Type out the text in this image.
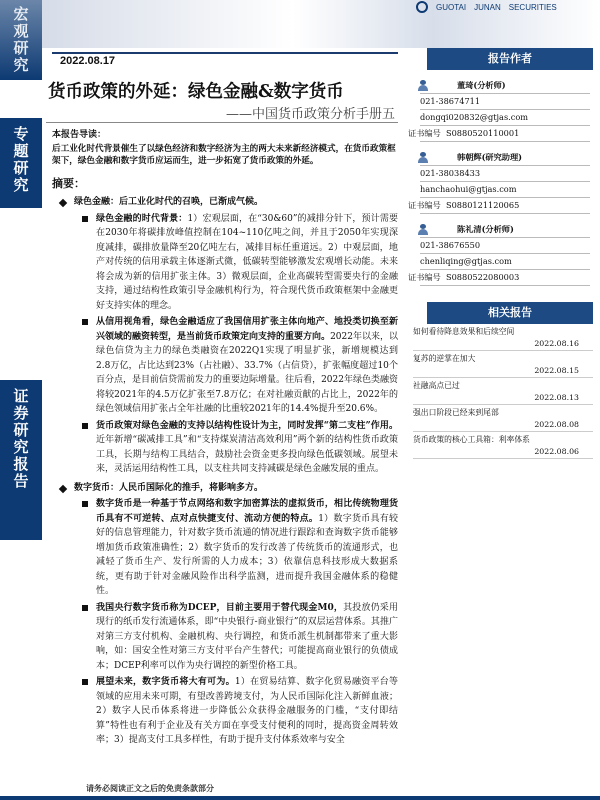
宏观研究
专题研究
证券研究报告
GUOTAI JUNAN SECURITIES
2022.08.17
货币政策的外延：绿色金融&数字货币
——中国货币政策分析手册五
本报告导读：
后工业化时代背景催生了以绿色经济和数字经济为主的两大未来新经济模式，在货币政策框架下，绿色金融和数字货币应运而生，进一步拓宽了货币政策的外延。
摘要：
绿色金融：后工业化时代的召唤，已渐成气候。
绿色金融的时代背景：1）宏观层面，在“30&60”的减排分针下，预计需要在2030年将碳排放峰值控制在104~110亿吨之间，并且于2050年实现深度减排，碳排放量降至20亿吨左右，减排目标任重道远。2）中观层面，地产对传统的信用承载主体逐渐式微，低碳转型能够激发宏观增长动能。未来将会成为新的信用扩张主体。3）微观层面，企业高碳转型需要央行的金融支持，通过结构性政策引导金融机构行为，符合现代货币政策框架中金融更好支持实体的理念。
从信用视角看，绿色金融适应了我国信用扩张主体向地产、地投类切换至新兴领域的融资转型，是当前货币政策定向支持的重要方向。2022年以来，以绿色信贷为主力的绿色类融资在2022Q1实现了明显扩张，新增规模达到2.8万亿，占比达到23%（占社融）、33.7%（占信贷），扩张幅度超过10个百分点，是目前信贷需前发力的重要边际增量。往后看，2022年绿色类融资将较2021年的4.5万亿扩张至7.8万亿；在对社融贡献的占比上，2022年的绿色领域信用扩张占全年社融的比重较2021年的14.4%提升至20.6%。
货币政策对绿色金融的支持以结构性设计为主，同时发挥“第二支柱”作用。近年新增“碳减排工具”和“支持煤炭清洁高效利用”两个新的结构性货币政策工具，长期与结构工具结合，鼓励社会资金更多投向绿色低碳领域。展望未来，灵活运用结构性工具，以支柱共同支持减碳是绿色金融发展的重点。
数字货币：人民币国际化的推手，将影响多方。
数字货币是一种基于节点网络和数字加密算法的虚拟货币，相比传统物理货币具有不可逆转、点对点快捷支付、流动方便的特点。1）数字货币具有较好的信息管理能力，针对数字货币流通的情况进行跟踪和查询数字货币能够增加货币政策准确性；2）数字货币的发行改善了传统货币的流通形式，也减轻了货币生产、发行所需的人力成本；3）依靠信息科技形成大数据系统，更有助于针对金融风险作出科学监测，进而提升我国金融体系的稳健性。
我国央行数字货币称为DCEP，目前主要用于替代现金M0，其投放仍采用现行的纸币发行流通体系，即“中央银行-商业银行”的双层运营体系。其推广对第三方支付机构、金融机构、央行调控，和货币派生机制都带来了重大影响，如：国安全性对第三方支付平台产生替代；可能提高商业银行的负债成本；DCEP利率可以作为央行调控的新型价格工具。
展望未来，数字货币将大有可为。1）在贸易结算、数字化贸易融资平台等领域的应用未来可期，有望改善跨境支付，为人民币国际化注入新鲜血液；2）数字人民币体系将进一步降低公众获得金融服务的门槛，“支付即结算”特性也有利于企业及有关方面在享受支付便利的同时，提高资金周转效率；3）提高支付工具多样性，有助于提升支付体系效率与安全
请务必阅读正文之后的免责条款部分
报告作者
董琦(分析师)
021-38674711
dongqi020832@gtjas.com
证书编号 S0880520110001
韩朝辉(研究助理)
021-38038433
hanchaohui@gtjas.com
证书编号 S0880121120065
陈礼清(分析师)
021-38676550
chenliqing@gtjas.com
证书编号 S0880522080003
相关报告
如何看待降息效果和后续空间
2022.08.16
复苏的逆掌在加大
2022.08.15
社融高点已过
2022.08.13
强出口阶段已经来到尾部
2022.08.08
货币政策的核心工具箱：利率体系
2022.08.06
